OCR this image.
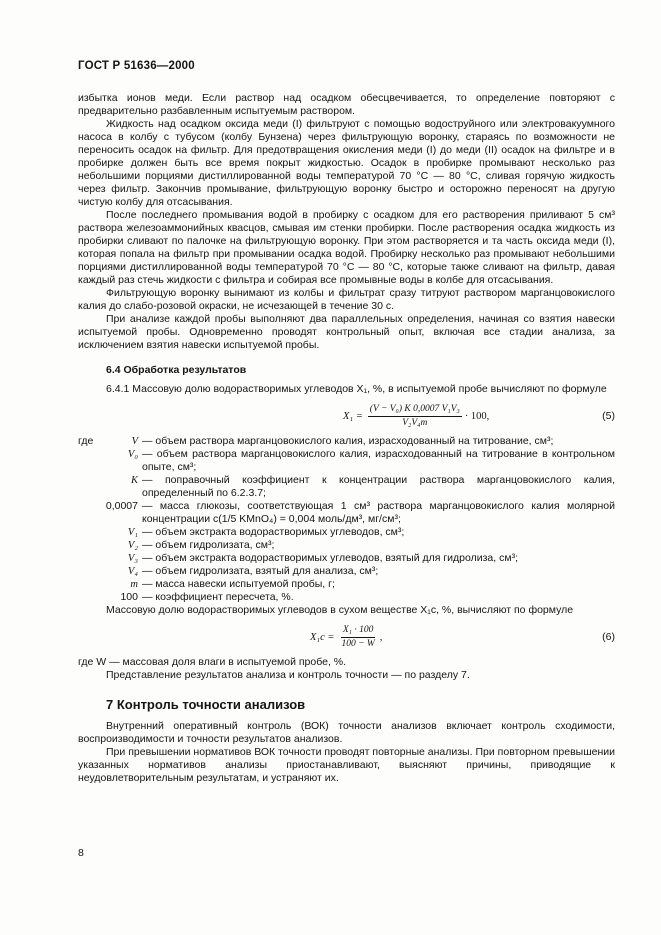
ГОСТ Р 51636—2000

избытка ионов меди. Если раствор над осадком обесцвечивается, то определение повторяют с предварительно разбавленным испытуемым раствором.

Жидкость над осадком оксида меди (I) фильтруют с помощью водоструйного или электровакуумного насоса в колбу с тубусом (колбу Бунзена) через фильтрующую воронку, стараясь по возможности не переносить осадок на фильтр. Для предотвращения окисления меди (I) до меди (II) осадок на фильтре и в пробирке должен быть все время покрыт жидкостью. Осадок в пробирке промывают несколько раз небольшими порциями дистиллированной воды температурой 70 °С — 80 °С, сливая горячую жидкость через фильтр. Закончив промывание, фильтрующую воронку быстро и осторожно переносят на другую чистую колбу для отсасывания.

После последнего промывания водой в пробирку с осадком для его растворения приливают 5 см³ раствора железоаммонийных квасцов, смывая им стенки пробирки. После растворения осадка жидкость из пробирки сливают по палочке на фильтрующую воронку. При этом растворяется и та часть оксида меди (I), которая попала на фильтр при промывании осадка водой. Пробирку несколько раз промывают небольшими порциями дистиллированной воды температурой 70 °С — 80 °С, которые также сливают на фильтр, давая каждый раз стечь жидкости с фильтра и собирая все промывные воды в колбе для отсасывания.

Фильтрующую воронку вынимают из колбы и фильтрат сразу титруют раствором марганцовокислого калия до слабо-розовой окраски, не исчезающей в течение 30 с.

При анализе каждой пробы выполняют два параллельных определения, начиная со взятия навески испытуемой пробы. Одновременно проводят контрольный опыт, включая все стадии анализа, за исключением взятия навески испытуемой пробы.

6.4 Обработка результатов

6.4.1 Массовую долю водорастворимых углеводов X₁, %, в испытуемой пробе вычисляют по формуле

$X_1 = \frac{\text{(V − V₀) K 0,0007 V₁V₃}}{\text{V₂V₄m}} \cdot 100$,	(5)
где	V — объем раствора марганцовокислого калия, израсходованный на титрование, см³;
V₀ — объем раствора марганцовокислого калия, израсходованный на титрование в контрольном опыте, см³;
K — поправочный коэффициент к концентрации раствора марганцовокислого калия, определенный по 6.2.3.7;
0,0007 — масса глюкозы, соответствующая 1 см³ раствора марганцовокислого калия молярной концентрации с(1/5 KMnO₄) = 0,004 моль/дм³, мг/см³;
V₁ — объем экстракта водорастворимых углеводов, см³;
V₂ — объем гидролизата, см³;
V₃ — объем экстракта водорастворимых углеводов, взятый для гидролиза, см³;
V₄ — объем гидролизата, взятый для анализа, см³;
m — масса навески испытуемой пробы, г;
100 — коэффициент пересчета, %.

Массовую долю водорастворимых углеводов в сухом веществе X₁с, %, вычисляют по формуле

$X_1с = \frac{\text{X₁ · 100}}{100 - W}$ ,	(6)

где W — массовая доля влаги в испытуемой пробе, %.

Представление результатов анализа и контроль точности — по разделу 7.

7 Контроль точности анализов

Внутренний оперативный контроль (ВОК) точности анализов включает контроль сходимости, воспроизводимости и точности результатов анализов.

При превышении нормативов ВОК точности проводят повторные анализы. При повторном превышении указанных нормативов анализы приостанавливают, выясняют причины, приводящие к неудовлетворительным результатам, и устраняют их.

8
